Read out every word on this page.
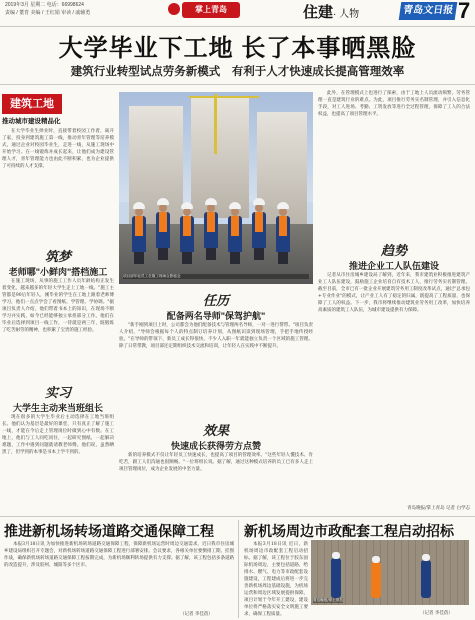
2019年3月 星期二 电话：66998624
责编 / 董育 美编 / 王红娟 审读 / 戚辅勇	掌上青岛	住建· 人物	青岛文日报 7
大学毕业下工地 长了本事晒黑脸
建筑行业转型试点劳务新模式　有利于人才快速成长提高管理效率
建筑工地
推动城市建设精品化
在大学毕业生择业时，直接带着校园工作着，离开了家，投身到建筑施工第一线，推动青年管理等培养模式，通过企业对校园毕业生，走进一线，从施工现场中开始学习。在一线锻炼并成长起来，让他们成为建设管理人才，青年管理能力也由此不断积累，也为企业提供了可持续的人才支撑。
筑梦
老师哪"小鲜肉"搭档施工
在施工现场，从事的施工工作人员年龄结构正发生着变化，越来越多的年轻大学生走上工地一线。"施工主管都是90后年轻人，刚毕业的学生在工地上跟着老师傅学习，他们一点点学会了看图纸、学管理、学协调。"据项目负责人介绍，他们带着书本上的知识，在现场不断学习并实践，如今已经能够独立承担部分工作。他们在毕业后选择到项目一线工作，一待就是两三年，既锻炼了吃苦耐劳的精神，也积累了宝贵的施工经验。
实习
大学生主动来当班组长
现在很多的大学生毕业后主动选择在工地当班组长。他们认为基层是最好的课堂，只有真正了解了施工一线，才能在今后走上管理岗位时做到心中有数。在工地上，他们与工人同吃同住，一起研究图纸、一起解决难题，工作中遇到问题就请教老师傅。他们说，虽然晒黑了，但学到的本事是书本上学不到的。
项目部年轻员工在施工现场合影留念
任历
配备两名导师"保驾护航"
"新手刚到项目上时，公司都会为他们配备技术与管理两名导师，一对一进行帮带。"项目负责人介绍，"导师会根据每个人的特点制订培养计划，从图纸识读到现场管理，手把手地传授经验。"在导师的带领下，新员工成长得很快，不少人入职一年就能独立负责一个区域的施工管理。除了日常带教，项目部还定期组织技术交流和培训，让年轻人在实践中不断提升。
效果
快速成长获得劳方点赞
新的培养模式不仅让年轻员工快速成长，也提高了项目的管理效率。"这些年轻人懂技术、肯吃苦，跟工人们沟通也很顺畅。"一位班组长说。据了解，通过这种模式培养的员工已有多人走上项目管理岗位，成为企业发展的中坚力量。
此外，在管理模式上也进行了探索，由于工地上人员流动频繁，劳务管理一直是建筑行业的难点。为此，项目推行劳务实名制管理，并引入信息化手段，对工人进场、考勤、工资发放等进行全过程管理，保障了工人的合法权益，也提高了项目管理水平。
趋势
推进企业工人队伍建设
记者从市住房城乡建设局了解到，近年来，我市建筑业积极推进建筑产业工人队伍建设，鼓励施工企业培育自有技术工人，推行劳务实名制管理。截至目前，全市已有一批企业开展建筑劳务用工制度改革试点，通过"总承包+专业作业"的模式，让产业工人有了稳定的归属，既提高了工程质量，也保障了工人的权益。下一步，我市将继续推动建筑业劳务用工改革，加快培养高素质的建筑工人队伍，为城市建设提供有力保障。
青岛晚报/掌上青岛 记者 白学志
推进新机场转场道路交通保障工程
本报3月18日讯 为加快推进新机场转场道路交通保障工程，保障新机场运营时周边交通需求，近日我市住房城乡建设局组织召开专题会，对新机场转场道路交通保障工程进行部署安排。会议要求，各相关单位要倒排工期、挂图作战，确保新机场转场道路交通保障工程按期完成，为新机场顺利转场提供有力支撑。据了解，该工程包括多条道路的改造提升，涉及胶州、城阳等多个区市。
（记者 李佳蓓）
新机场周边市政配套工程启动招标
本报3月18日讯 近日，新机场周边市政配套工程启动招标。据了解，该工程位于胶东国际机场周边，主要包括道路、给排水、燃气、电力等市政配套设施建设，工程建成后将进一步完善新机场周边基础设施，为机场运营和周边区域发展提供保障。项目计划于今年开工建设，建设单位将严格落实安全文明施工要求，确保工程质量。
青岛晚报/掌上青岛
（记者 李佳蓓）
